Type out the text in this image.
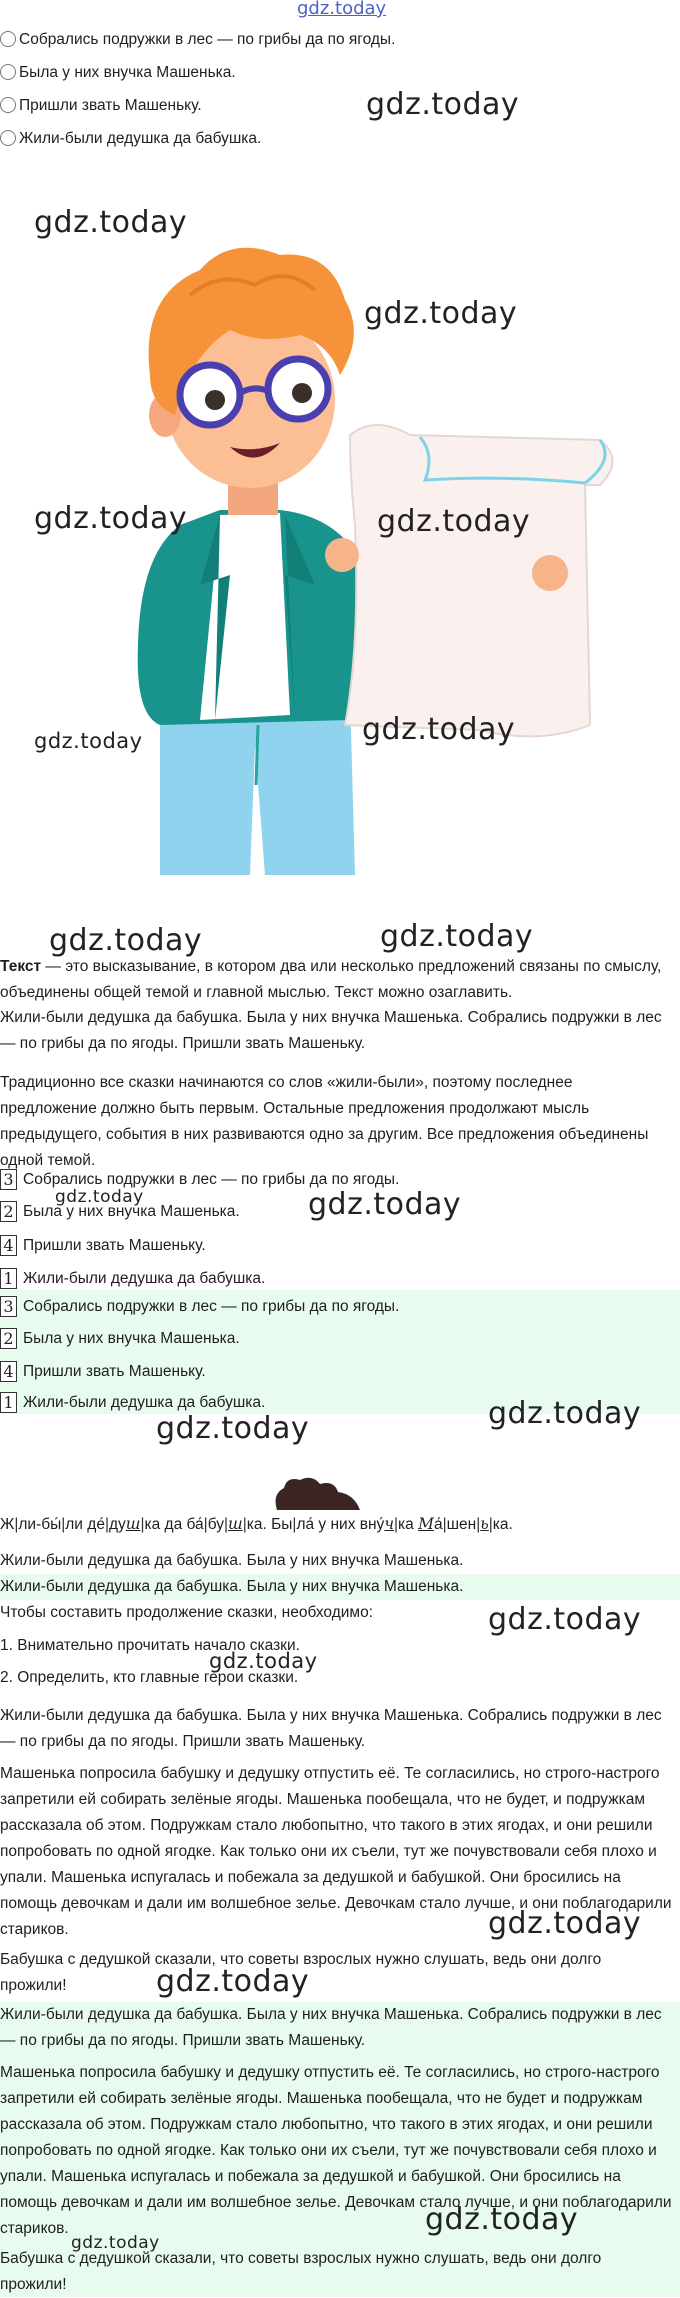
gdz.today
Собрались подружки в лес — по грибы да по ягоды.
Была у них внучка Машенька.
Пришли звать Машеньку.
Жили-были дедушка да бабушка.
gdz.today
gdz.today
gdz.today
gdz.today	gdz.today
gdz.today	gdz.today
gdz.today	gdz.today
Текст — это высказывание, в котором два или несколько предложений связаны по смыслу, объединены общей темой и главной мыслью. Текст можно озаглавить.
Жили-были дедушка да бабушка. Была у них внучка Машенька. Собрались подружки в лес — по грибы да по ягоды. Пришли звать Машеньку.
Традиционно все сказки начинаются со слов «жили-были», поэтому последнее предложение должно быть первым. Остальные предложения продолжают мысль предыдущего, события в них развиваются одно за другим. Все предложения объединены одной темой.
3 Собрались подружки в лес — по грибы да по ягоды.
2 Была у них внучка Машенька.
4 Пришли звать Машеньку.
1 Жили-были дедушка да бабушка.
gdz.today	gdz.today
3 Собрались подружки в лес — по грибы да по ягоды.
2 Была у них внучка Машенька.
4 Пришли звать Машеньку.
1 Жили-были дедушка да бабушка.
gdz.today	gdz.today
Ж|ли-бы́|ли де́|душ|ка да ба́|бу|ш|ка. Бы|ла́ у них вну́ч|ка Ма́|шен|ь|ка.
Жили-были дедушка да бабушка. Была у них внучка Машенька.
Жили-были дедушка да бабушка. Была у них внучка Машенька.
Чтобы составить продолжение сказки, необходимо:	gdz.today
1. Внимательно прочитать начало сказки.
gdz.today
2. Определить, кто главные герои сказки.
Жили-были дедушка да бабушка. Была у них внучка Машенька. Собрались подружки в лес — по грибы да по ягоды. Пришли звать Машеньку.
Машенька попросила бабушку и дедушку отпустить её. Те согласились, но строго-настрого запретили ей собирать зелёные ягоды. Машенька пообещала, что не будет, и подружкам рассказала об этом. Подружкам стало любопытно, что такого в этих ягодах, и они решили попробовать по одной ягодке. Как только они их съели, тут же почувствовали себя плохо и упали. Машенька испугалась и побежала за дедушкой и бабушкой. Они бросились на помощь девочкам и дали им волшебное зелье. Девочкам стало лучше, и они поблагодарили стариков.	gdz.today
Бабушка с дедушкой сказали, что советы взрослых нужно слушать, ведь они долго прожили!	gdz.today
Жили-были дедушка да бабушка. Была у них внучка Машенька. Собрались подружки в лес — по грибы да по ягоды. Пришли звать Машеньку.
Машенька попросила бабушку и дедушку отпустить её. Те согласились, но строго-настрого запретили ей собирать зелёные ягоды. Машенька пообещала, что не будет и подружкам рассказала об этом. Подружкам стало любопытно, что такого в этих ягодах, и они решили попробовать по одной ягодке. Как только они их съели, тут же почувствовали себя плохо и упали. Машенька испугалась и побежала за дедушкой и бабушкой. Они бросились на помощь девочкам и дали им волшебное зелье. Девочкам стало лучше, и они поблагодарили стариков.
Бабушка с дедушкой сказали, что советы взрослых нужно слушать, ведь они долго прожили!
gdz.today
gdz.today
